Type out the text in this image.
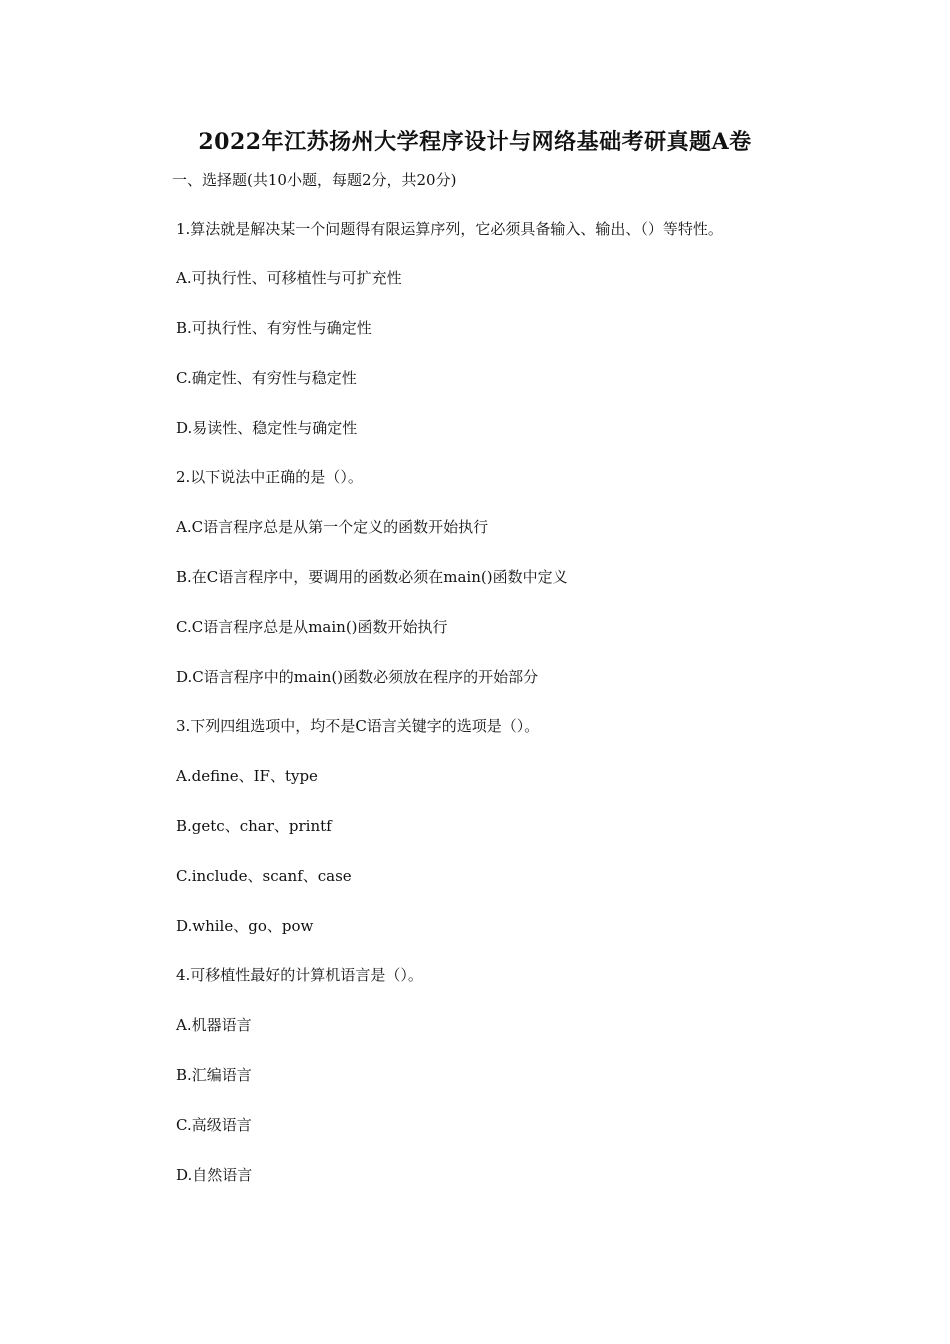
2022年江苏扬州大学程序设计与网络基础考研真题A卷
一、选择题(共10小题，每题2分，共20分)
1.算法就是解决某一个问题得有限运算序列，它必须具备输入、输出、（）等特性。
A.可执行性、可移植性与可扩充性
B.可执行性、有穷性与确定性
C.确定性、有穷性与稳定性
D.易读性、稳定性与确定性
2.以下说法中正确的是（）。
A.C语言程序总是从第一个定义的函数开始执行
B.在C语言程序中，要调用的函数必须在main()函数中定义
C.C语言程序总是从main()函数开始执行
D.C语言程序中的main()函数必须放在程序的开始部分
3.下列四组选项中，均不是C语言关键字的选项是（）。
A.define、IF、type
B.getc、char、printf
C.include、scanf、case
D.while、go、pow
4.可移植性最好的计算机语言是（）。
A.机器语言
B.汇编语言
C.高级语言
D.自然语言
